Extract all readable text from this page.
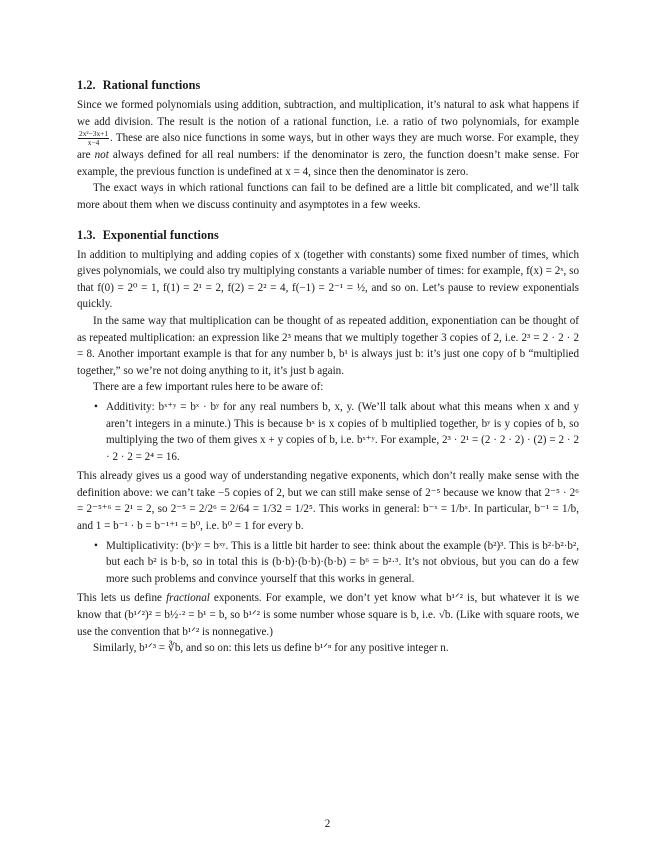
1.2. Rational functions

Since we formed polynomials using addition, subtraction, and multiplication, it’s natural to ask what happens if we add division. The result is the notion of a rational function, i.e. a ratio of two polynomials, for example
$\frac{\text{2x²−3x+1}}{x-4}$ . These are also nice functions in some ways, but in other ways they are much worse. For example, they are not always defined for all real numbers: if the denominator is zero, the function doesn’t make sense. For example, the previous function is undefined at x = 4, since then the denominator is zero.

The exact ways in which rational functions can fail to be defined are a little bit complicated, and we’ll talk more about them when we discuss continuity and asymptotes in a few weeks.

1.3. Exponential functions

In addition to multiplying and adding copies of x (together with constants) some fixed number of times, which gives polynomials, we could also try multiplying constants a variable number of times: for example, f(x) = 2ˣ, so that f(0) = 2⁰ = 1, f(1) = 2¹ = 2, f(2) = 2² = 4, f(−1) = 2⁻¹ = ½, and so on. Let’s pause to review exponentials quickly.

In the same way that multiplication can be thought of as repeated addition, exponentiation can be thought of as repeated multiplication: an expression like 2³ means that we multiply together 3 copies of 2, i.e. 2³ = 2 · 2 · 2 = 8. Another important example is that for any number b, b¹ is always just b: it’s just one copy of b “multiplied together,” so we’re not doing anything to it, it’s just b again.

There are a few important rules here to be aware of:

• Additivity: bˣ⁺ʸ = bˣ · bʸ for any real numbers b, x, y. (We’ll talk about what this means when x and y aren’t integers in a minute.) This is because bˣ is x copies of b multiplied together, bʸ is y copies of b, so multiplying the two of them gives x + y copies of b, i.e. bˣ⁺ʸ. For example, 2³ · 2¹ = (2 · 2 · 2) · (2) = 2 · 2 · 2 · 2 = 2⁴ = 16.

This already gives us a good way of understanding negative exponents, which don’t really make sense with the definition above: we can’t take −5 copies of 2, but we can still make sense of 2⁻⁵ because we know that 2⁻⁵ · 2⁶ = 2⁻⁵⁺⁶ = 2¹ = 2, so 2⁻⁵ = 2/2⁶ = 2/64 = 1/32 = 1/2⁵. This works in general: b⁻ˣ = 1/bˣ. In particular, b⁻¹ = 1/b, and 1 = b⁻¹ · b = b⁻¹⁺¹ = b⁰, i.e. b⁰ = 1 for every b.

• Multiplicativity: (bˣ)ʸ = bˣʸ. This is a little bit harder to see: think about the example (b²)³. This is b²·b²·b², but each b² is b·b, so in total this is (b·b)·(b·b)·(b·b) = b⁶ = b²·³. It’s not obvious, but you can do a few more such problems and convince yourself that this works in general.

This lets us define fractional exponents. For example, we don’t yet know what b¹ᐟ² is, but whatever it is we know that (b¹ᐟ²)² = b½·² = b¹ = b, so b¹ᐟ² is some number whose square is b, i.e. √b. (Like with square roots, we use the convention that b¹ᐟ² is nonnegative.)

Similarly, b¹ᐟ³ = ∛b, and so on: this lets us define b¹ᐟⁿ for any positive integer n.

2
